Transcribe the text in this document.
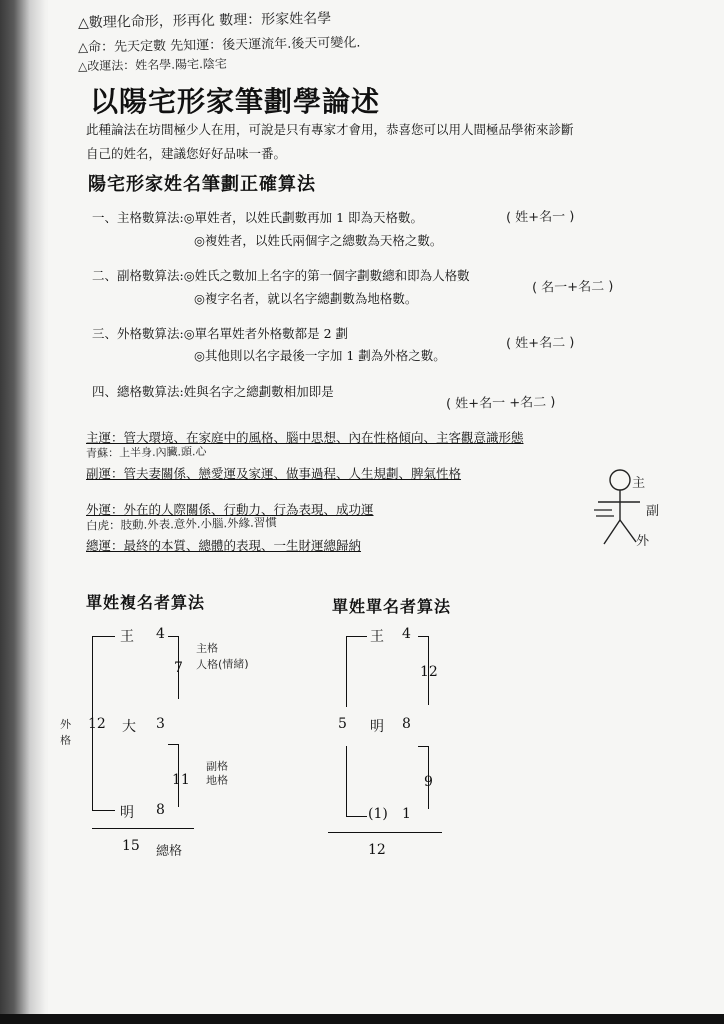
△數理化命形，形再化 數理：形家姓名學
△命：先天定數 先知運：後天運流年.後天可變化.
△改運法：姓名學.陽宅.陰宅
以陽宅形家筆劃學論述
此種論法在坊間極少人在用，可說是只有專家才會用，恭喜您可以用人間極品學術來診斷
自己的姓名，建議您好好品味一番。
陽宅形家姓名筆劃正確算法
一、主格數算法:◎單姓者，以姓氏劃數再加 1 即為天格數。
◎複姓者，以姓氏兩個字之總數為天格之數。
( 姓+名一 )
二、副格數算法:◎姓氏之數加上名字的第一個字劃數總和即為人格數
◎複字名者，就以名字總劃數為地格數。
( 名一+名二 )
三、外格數算法:◎單名單姓者外格數都是 2 劃
◎其他則以名字最後一字加 1 劃為外格之數。
( 姓+名二 )
四、總格數算法:姓與名字之總劃數相加即是
( 姓+名一 +名二 )
主運：管大環境、在家庭中的風格、腦中思想、內在性格傾向、主客觀意識形態
青蘇：上半身.內臟.頭.心
副運：管夫妻關係、戀愛運及家運、做事過程、人生規劃、脾氣性格
外運：外在的人際關係、行動力、行為表現、成功運
白虎：肢動.外表.意外.小腦.外緣.習慣
總運：最終的本質、總體的表現、一生財運總歸納
主
副
外
單姓複名者算法
王 4
7
12 大 3
11
明 8
15
主格
人格(情緒)
副格
地格
外
格
總格
單姓單名者算法
王 4
12
5 明 8
9
(1) 1
12
